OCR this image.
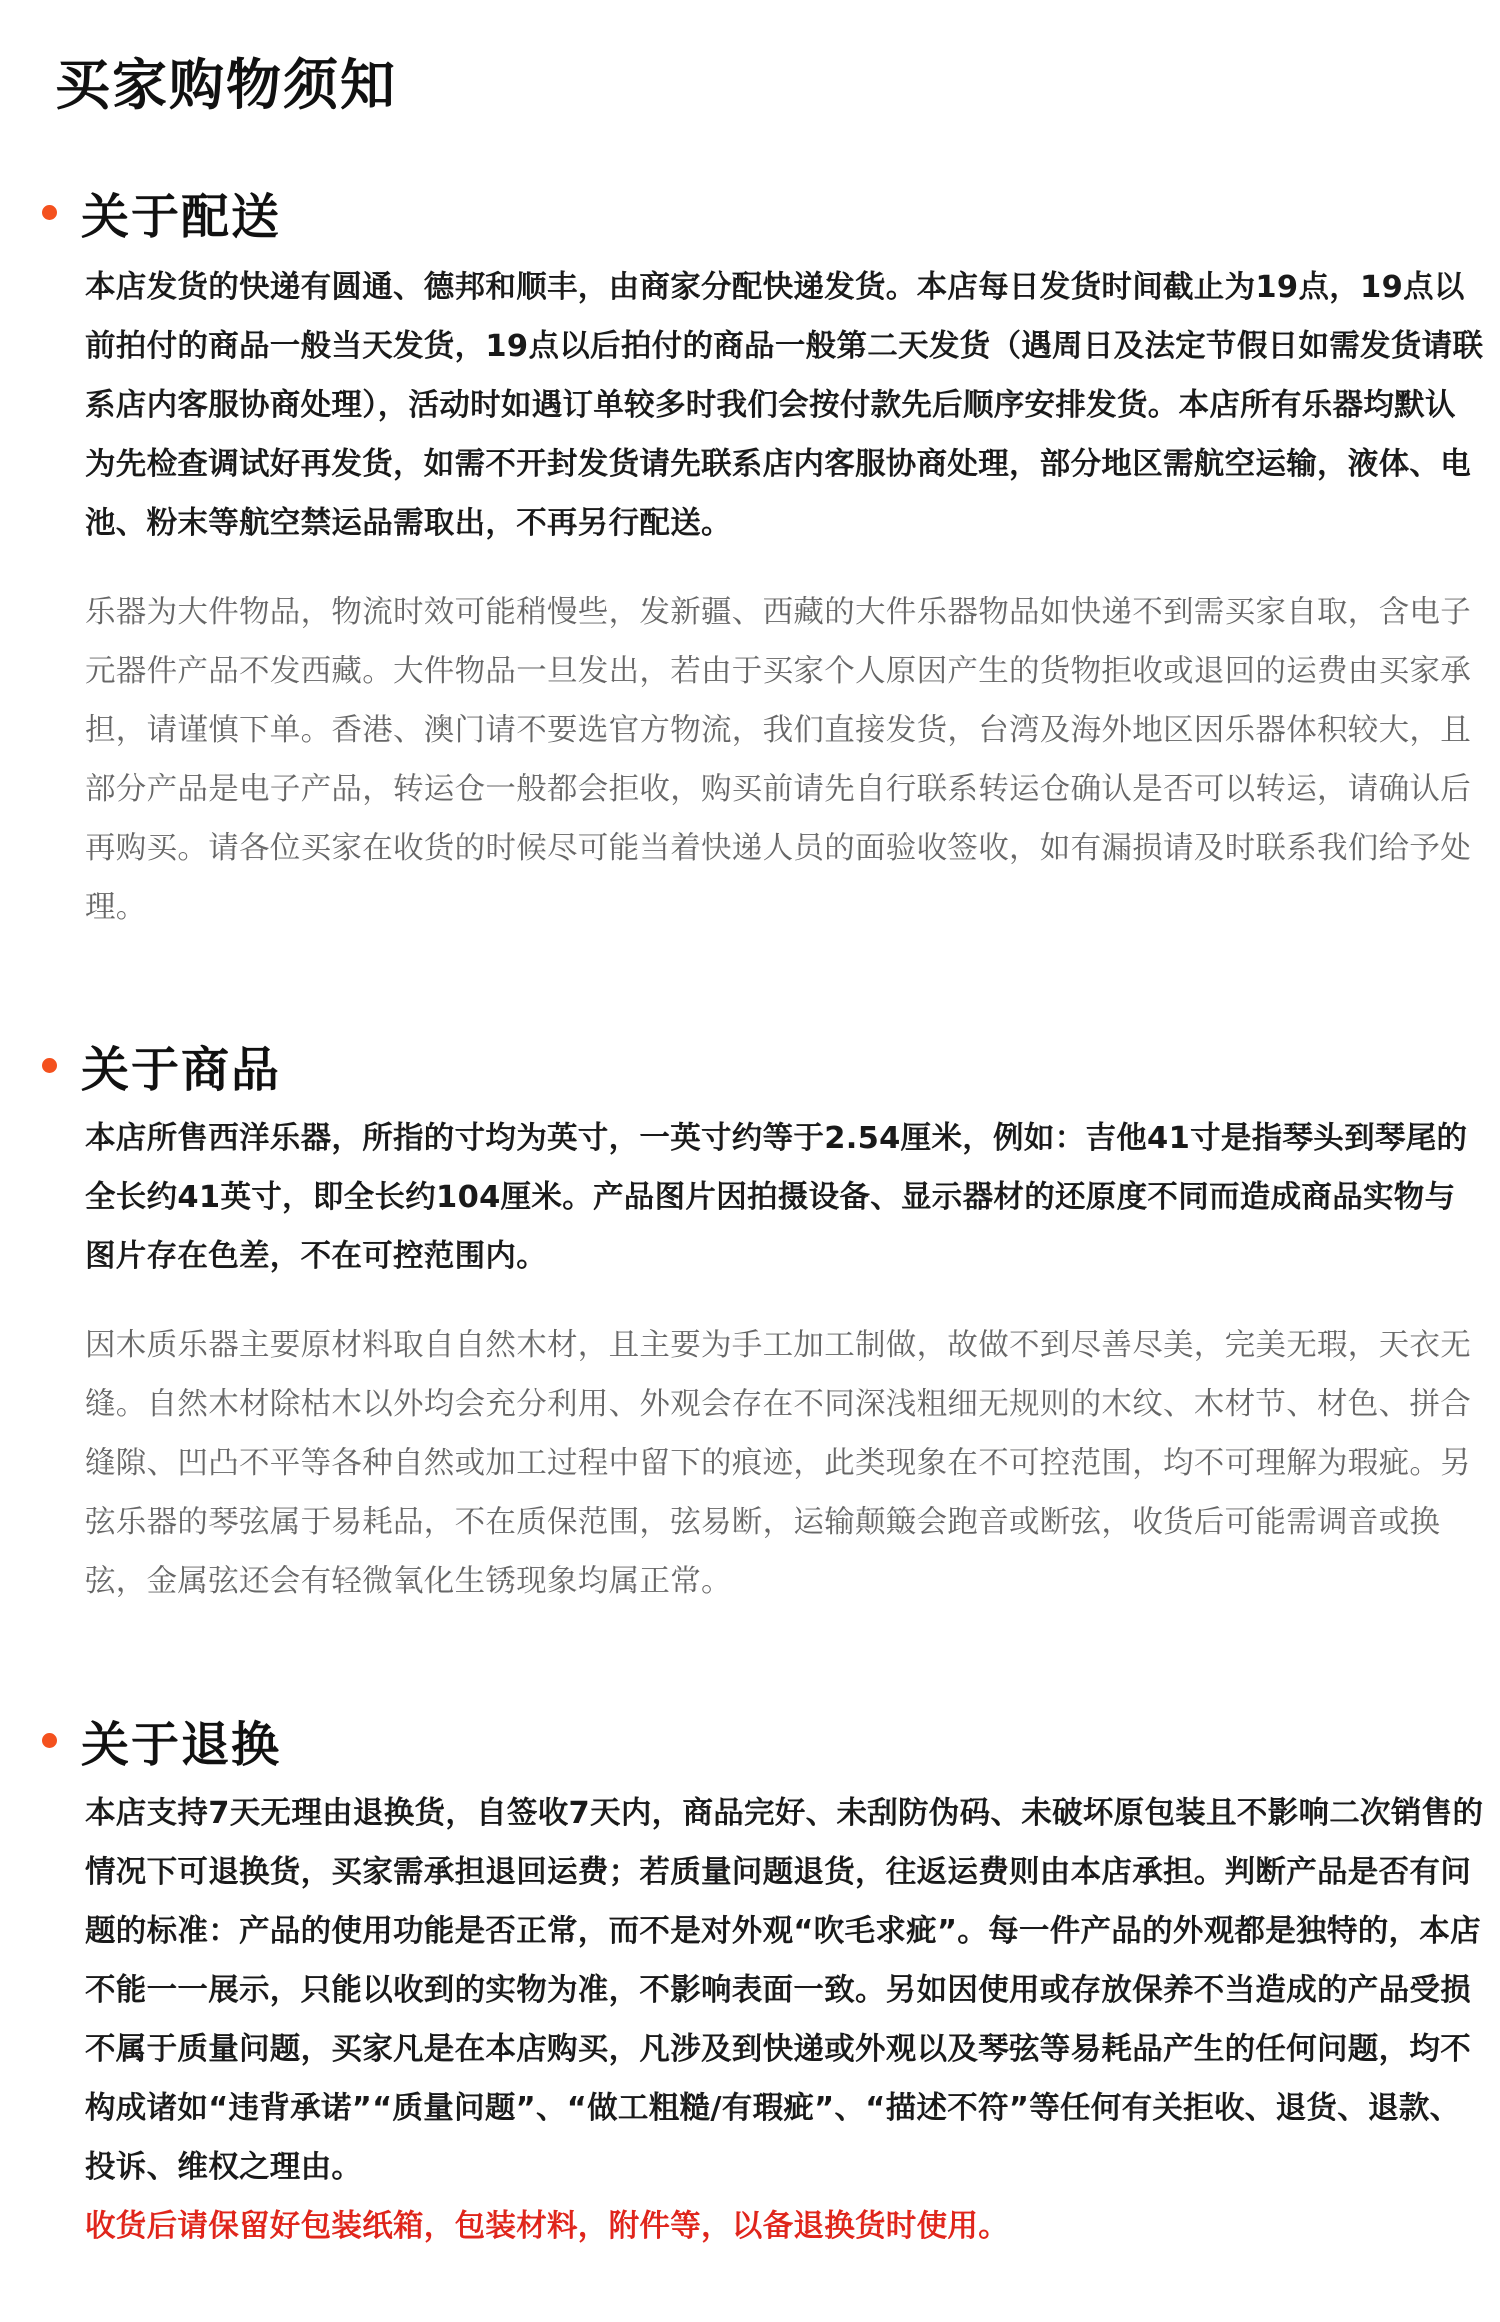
买家购物须知
关于配送

本店发货的快递有圆通、德邦和顺丰，由商家分配快递发货。本店每日发货时间截止为19点，19点以前拍付的商品一般当天发货，19点以后拍付的商品一般第二天发货（遇周日及法定节假日如需发货请联系店内客服协商处理），活动时如遇订单较多时我们会按付款先后顺序安排发货。本店所有乐器均默认为先检查调试好再发货，如需不开封发货请先联系店内客服协商处理，部分地区需航空运输，液体、电池、粉末等航空禁运品需取出，不再另行配送。

乐器为大件物品，物流时效可能稍慢些，发新疆、西藏的大件乐器物品如快递不到需买家自取，含电子元器件产品不发西藏。大件物品一旦发出，若由于买家个人原因产生的货物拒收或退回的运费由买家承担，请谨慎下单。香港、澳门请不要选官方物流，我们直接发货，台湾及海外地区因乐器体积较大，且部分产品是电子产品，转运仓一般都会拒收，购买前请先自行联系转运仓确认是否可以转运，请确认后再购买。请各位买家在收货的时候尽可能当着快递人员的面验收签收，如有漏损请及时联系我们给予处理。

关于商品

本店所售西洋乐器，所指的寸均为英寸，一英寸约等于2.54厘米，例如：吉他41寸是指琴头到琴尾的全长约41英寸，即全长约104厘米。产品图片因拍摄设备、显示器材的还原度不同而造成商品实物与图片存在色差，不在可控范围内。

因木质乐器主要原材料取自自然木材，且主要为手工加工制做，故做不到尽善尽美，完美无瑕，天衣无缝。自然木材除枯木以外均会充分利用、外观会存在不同深浅粗细无规则的木纹、木材节、材色、拼合缝隙、凹凸不平等各种自然或加工过程中留下的痕迹，此类现象在不可控范围，均不可理解为瑕疵。另弦乐器的琴弦属于易耗品，不在质保范围，弦易断，运输颠簸会跑音或断弦，收货后可能需调音或换弦，金属弦还会有轻微氧化生锈现象均属正常。

关于退换

本店支持7天无理由退换货，自签收7天内，商品完好、未刮防伪码、未破坏原包装且不影响二次销售的情况下可退换货，买家需承担退回运费；若质量问题退货，往返运费则由本店承担。判断产品是否有问题的标准：产品的使用功能是否正常，而不是对外观“吹毛求疵”。每一件产品的外观都是独特的，本店不能一一展示，只能以收到的实物为准，不影响表面一致。另如因使用或存放保养不当造成的产品受损不属于质量问题，买家凡是在本店购买，凡涉及到快递或外观以及琴弦等易耗品产生的任何问题，均不构成诸如“违背承诺”“质量问题”、“做工粗糙/有瑕疵”、“描述不符”等任何有关拒收、退货、退款、投诉、维权之理由。

收货后请保留好包装纸箱，包装材料，附件等，以备退换货时使用。
